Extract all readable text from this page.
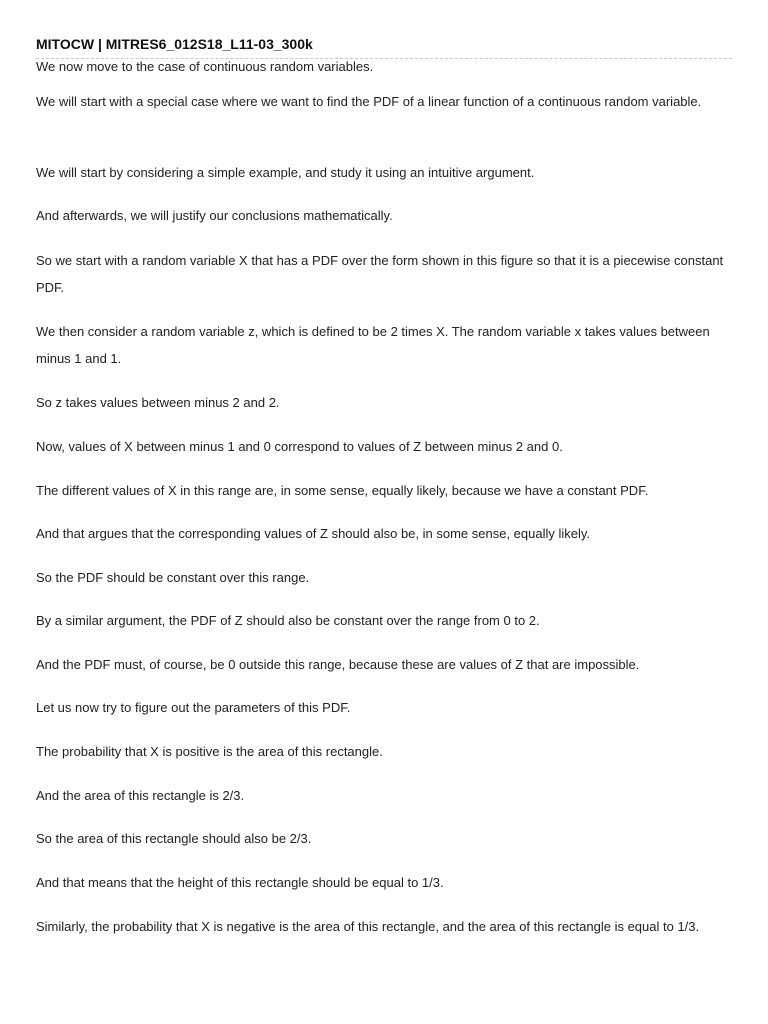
MITOCW | MITRES6_012S18_L11-03_300k

We now move to the case of continuous random variables.

We will start with a special case where we want to find the PDF of a linear function of a continuous random variable.

We will start by considering a simple example, and study it using an intuitive argument.

And afterwards, we will justify our conclusions mathematically.

So we start with a random variable X that has a PDF over the form shown in this figure so that it is a piecewise constant PDF.

We then consider a random variable z, which is defined to be 2 times X. The random variable x takes values between minus 1 and 1.

So z takes values between minus 2 and 2.

Now, values of X between minus 1 and 0 correspond to values of Z between minus 2 and 0.

The different values of X in this range are, in some sense, equally likely, because we have a constant PDF.

And that argues that the corresponding values of Z should also be, in some sense, equally likely.

So the PDF should be constant over this range.

By a similar argument, the PDF of Z should also be constant over the range from 0 to 2.

And the PDF must, of course, be 0 outside this range, because these are values of Z that are impossible.

Let us now try to figure out the parameters of this PDF.

The probability that X is positive is the area of this rectangle.

And the area of this rectangle is 2/3.

So the area of this rectangle should also be 2/3.

And that means that the height of this rectangle should be equal to 1/3.

Similarly, the probability that X is negative is the area of this rectangle, and the area of this rectangle is equal to 1/3.
